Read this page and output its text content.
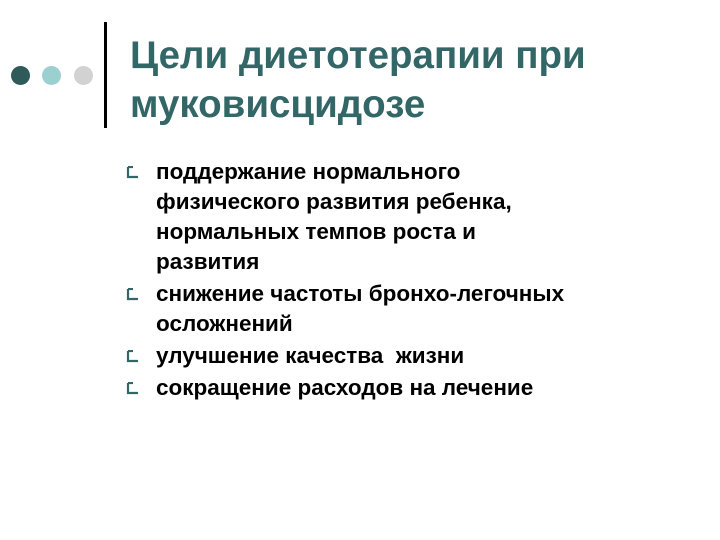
Цели диетотерапии при
муковисцидозе
поддержание нормального
физического развития ребенка,
нормальных темпов роста и
развития
снижение частоты бронхо-легочных
осложнений
улучшение качества  жизни
сокращение расходов на лечение
